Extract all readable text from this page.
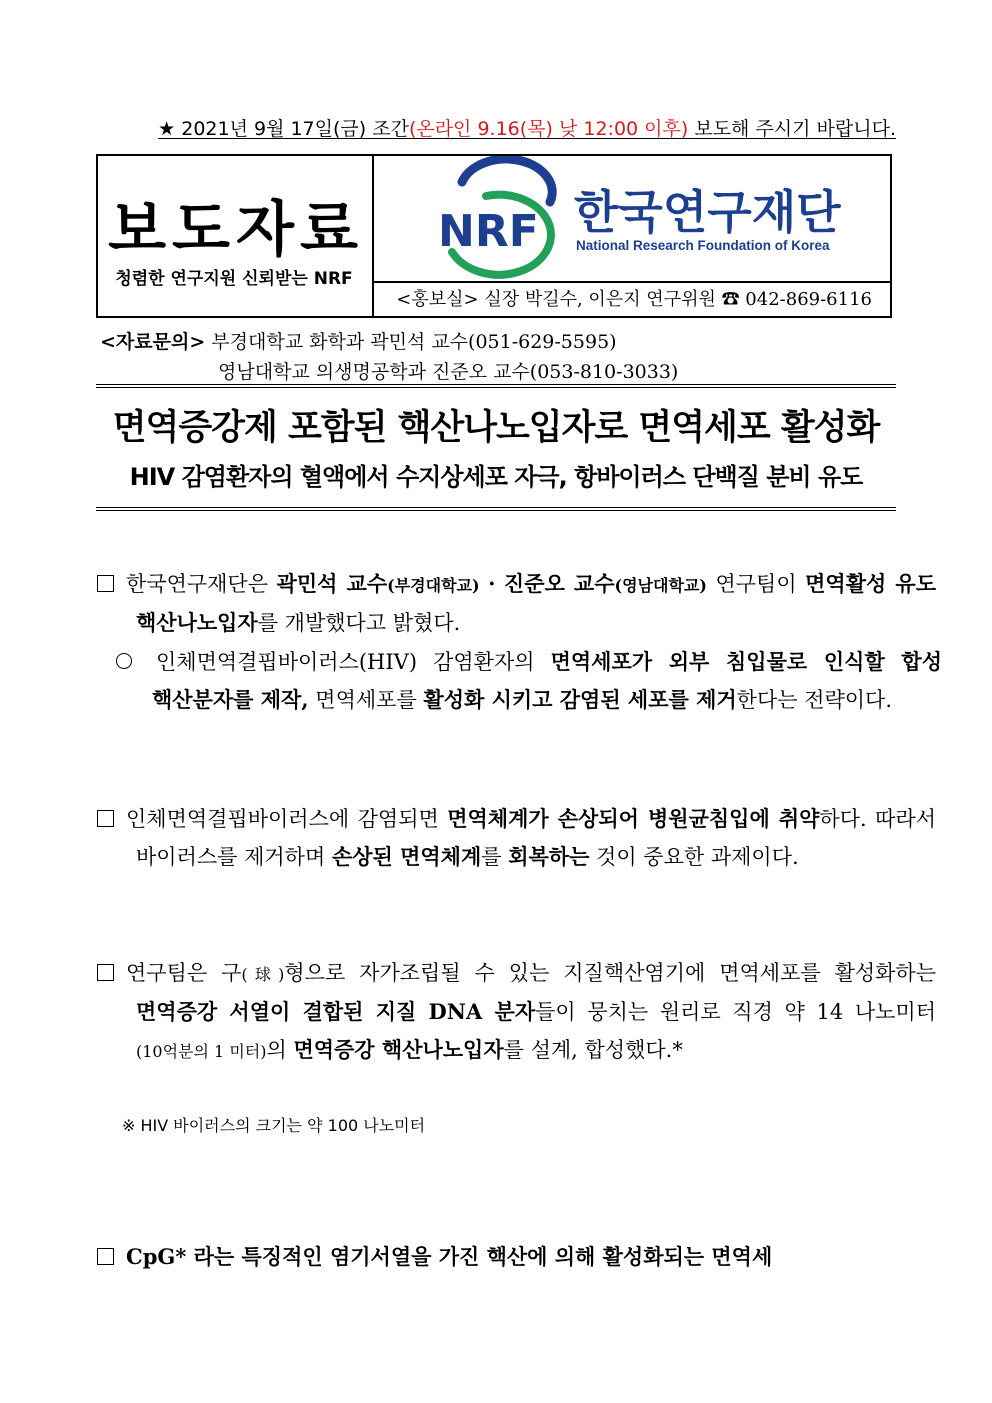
★ 2021년 9월 17일(금) 조간(온라인 9.16(목) 낮 12:00 이후) 보도해 주시기 바랍니다.
보도자료
청렴한 연구지원 신뢰받는 NRF
NRF 한국연구재단
National Research Foundation of Korea
<홍보실> 실장 박길수, 이은지 연구위원 ☎ 042-869-6116
<자료문의> 부경대학교 화학과 곽민석 교수(051-629-5595)
영남대학교 의생명공학과 진준오 교수(053-810-3033)
면역증강제 포함된 핵산나노입자로 면역세포 활성화
HIV 감염환자의 혈액에서 수지상세포 자극, 항바이러스 단백질 분비 유도
한국연구재단은 곽민석 교수(부경대학교) · 진준오 교수(영남대학교) 연구팀이 면역활성 유도 핵산나노입자를 개발했다고 밝혔다.
인체면역결핍바이러스(HIV) 감염환자의 면역세포가 외부 침입물로 인식할 합성 핵산분자를 제작, 면역세포를 활성화 시키고 감염된 세포를 제거한다는 전략이다.
인체면역결핍바이러스에 감염되면 면역체계가 손상되어 병원균침입에 취약하다. 따라서 바이러스를 제거하며 손상된 면역체계를 회복하는 것이 중요한 과제이다.
연구팀은 구(球)형으로 자가조립될 수 있는 지질핵산염기에 면역세포를 활성화하는 면역증강 서열이 결합된 지질 DNA 분자들이 뭉치는 원리로 직경 약 14 나노미터(10억분의 1 미터)의 면역증강 핵산나노입자를 설계, 합성했다.*
※ HIV 바이러스의 크기는 약 100 나노미터
CpG* 라는 특징적인 염기서열을 가진 핵산에 의해 활성화되는 면역세
